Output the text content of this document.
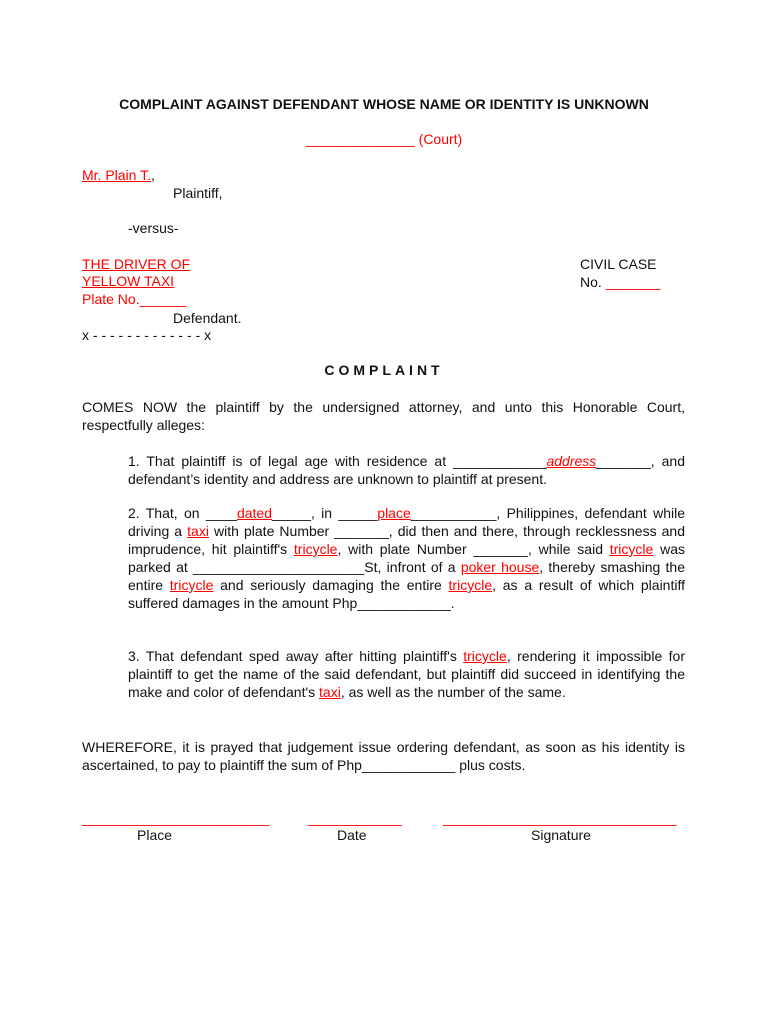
COMPLAINT AGAINST DEFENDANT WHOSE NAME OR IDENTITY IS UNKNOWN
______________ (Court)
Mr. Plain T.,
Plaintiff,
-versus-
THE DRIVER OF
YELLOW TAXI
Plate No.______
Defendant.
x - - - - - - - - - - - - - x
CIVIL CASE
No. _______
COMPLAINT
COMES NOW the plaintiff by the undersigned attorney, and unto this Honorable Court, respectfully alleges:
1. That plaintiff is of legal age with residence at ____________address_______, and defendant’s identity and address are unknown to plaintiff at present.
2. That, on ____dated_____, in _____place___________, Philippines, defendant while driving a taxi with plate Number _______, did then and there, through recklessness and imprudence, hit plaintiff's tricycle, with plate Number _______, while said tricycle was parked at ______________________St, infront of a poker house, thereby smashing the entire tricycle and seriously damaging the entire tricycle, as a result of which plaintiff suffered damages in the amount Php____________.
3. That defendant sped away after hitting plaintiff's tricycle, rendering it impossible for plaintiff to get the name of the said defendant, but plaintiff did succeed in identifying the make and color of defendant's taxi, as well as the number of the same.
WHEREFORE, it is prayed that judgement issue ordering defendant, as soon as his identity is ascertained, to pay to plaintiff the sum of Php____________ plus costs.
________________________	____________	______________________________
Place	Date	Signature
